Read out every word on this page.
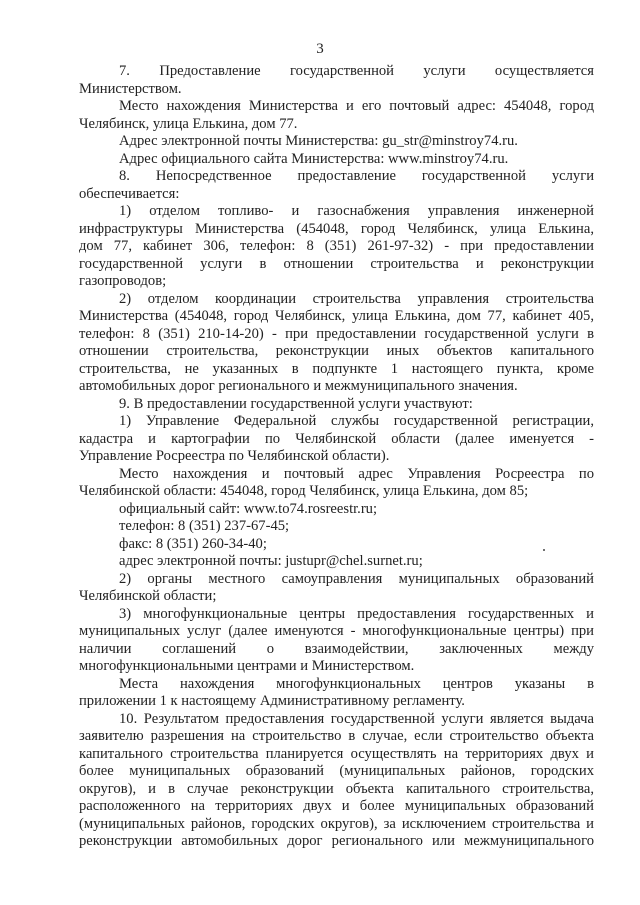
3
7. Предоставление государственной услуги осуществляется
Министерством.
Место нахождения Министерства и его почтовый адрес: 454048, город
Челябинск, улица Елькина, дом 77.
Адрес электронной почты Министерства: gu_str@minstroy74.ru.
Адрес официального сайта Министерства: www.minstroy74.ru.
8. Непосредственное предоставление государственной услуги
обеспечивается:
1) отделом топливо- и газоснабжения управления инженерной
инфраструктуры Министерства (454048, город Челябинск, улица Елькина,
дом 77, кабинет 306, телефон: 8 (351) 261-97-32) - при предоставлении
государственной услуги в отношении строительства и реконструкции
газопроводов;
2) отделом координации строительства управления строительства
Министерства (454048, город Челябинск, улица Елькина, дом 77, кабинет 405,
телефон: 8 (351) 210-14-20) - при предоставлении государственной услуги в
отношении строительства, реконструкции иных объектов капитального
строительства, не указанных в подпункте 1 настоящего пункта, кроме
автомобильных дорог регионального и межмуниципального значения.
9. В предоставлении государственной услуги участвуют:
1) Управление Федеральной службы государственной регистрации,
кадастра и картографии по Челябинской области (далее именуется -
Управление Росреестра по Челябинской области).
Место нахождения и почтовый адрес Управления Росреестра по
Челябинской области: 454048, город Челябинск, улица Елькина, дом 85;
официальный сайт: www.to74.rosreestr.ru;
телефон: 8 (351) 237-67-45;
факс: 8 (351) 260-34-40;
адрес электронной почты: justupr@chel.surnet.ru;
2) органы местного самоуправления муниципальных образований
Челябинской области;
3) многофункциональные центры предоставления государственных и
муниципальных услуг (далее именуются - многофункциональные центры) при
наличии соглашений о взаимодействии, заключенных между
многофункциональными центрами и Министерством.
Места нахождения многофункциональных центров указаны в
приложении 1 к настоящему Административному регламенту.
10. Результатом предоставления государственной услуги является выдача
заявителю разрешения на строительство в случае, если строительство объекта
капитального строительства планируется осуществлять на территориях двух и
более муниципальных образований (муниципальных районов, городских
округов), и в случае реконструкции объекта капитального строительства,
расположенного на территориях двух и более муниципальных образований
(муниципальных районов, городских округов), за исключением строительства и
реконструкции автомобильных дорог регионального или межмуниципального
